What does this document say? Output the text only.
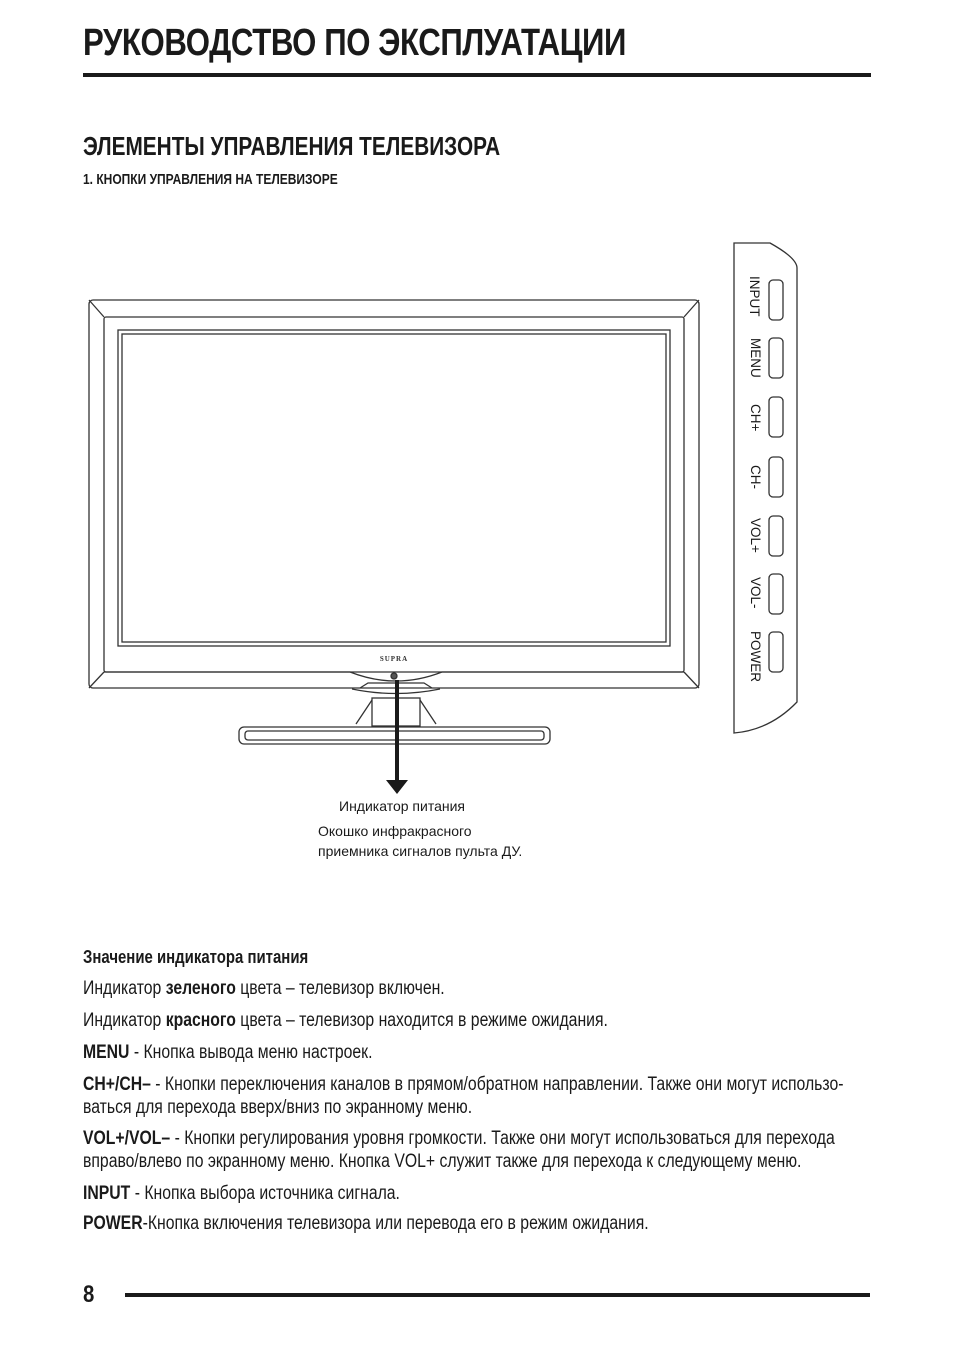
РУКОВОДСТВО ПО ЭКСПЛУАТАЦИИ
ЭЛЕМЕНТЫ УПРАВЛЕНИЯ ТЕЛЕВИЗОРА
1. КНОПКИ УПРАВЛЕНИЯ НА ТЕЛЕВИЗОРЕ
SUPRA
INPUT
MENU
CH+
CH-
VOL+
VOL-
POWER
Индикатор питания
Окошко инфракрасного
приемника сигналов пульта ДУ.
Значение индикатора питания
Индикатор зеленого цвета – телевизор включен.
Индикатор красного цвета – телевизор находится в режиме ожидания.
MENU - Кнопка вывода меню настроек.
CH+/CH– - Кнопки переключения каналов в прямом/обратном направлении. Также они могут использо-
ваться для перехода вверх/вниз по экранному меню.
VOL+/VOL– - Кнопки регулирования уровня громкости. Также они могут использоваться для перехода
вправо/влево по экранному меню. Кнопка VOL+ служит также для перехода к следующему меню.
INPUT - Кнопка выбора источника сигнала.
POWER-Кнопка включения телевизора или перевода его в режим ожидания.
8
